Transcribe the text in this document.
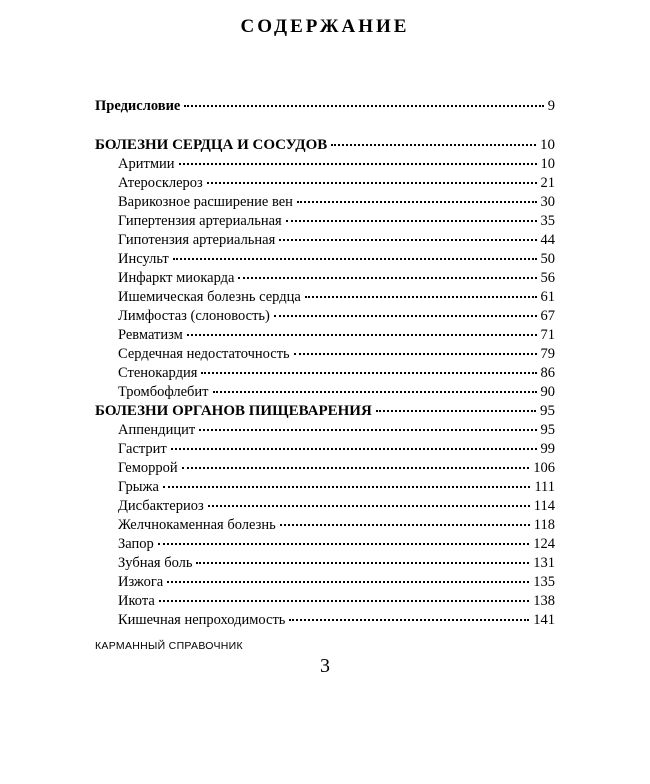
СОДЕРЖАНИЕ
Предисловие	9
БОЛЕЗНИ СЕРДЦА И СОСУДОВ	10
Аритмии	10
Атеросклероз	21
Варикозное расширение вен	30
Гипертензия артериальная	35
Гипотензия артериальная	44
Инсульт	50
Инфаркт миокарда	56
Ишемическая болезнь сердца	61
Лимфостаз (слоновость)	67
Ревматизм	71
Сердечная недостаточность	79
Стенокардия	86
Тромбофлебит	90
БОЛЕЗНИ ОРГАНОВ ПИЩЕВАРЕНИЯ	95
Аппендицит	95
Гастрит	99
Геморрой	106
Грыжа	111
Дисбактериоз	114
Желчнокаменная болезнь	118
Запор	124
Зубная боль	131
Изжога	135
Икота	138
Кишечная непроходимость	141
КАРМАННЫЙ СПРАВОЧНИК
3
